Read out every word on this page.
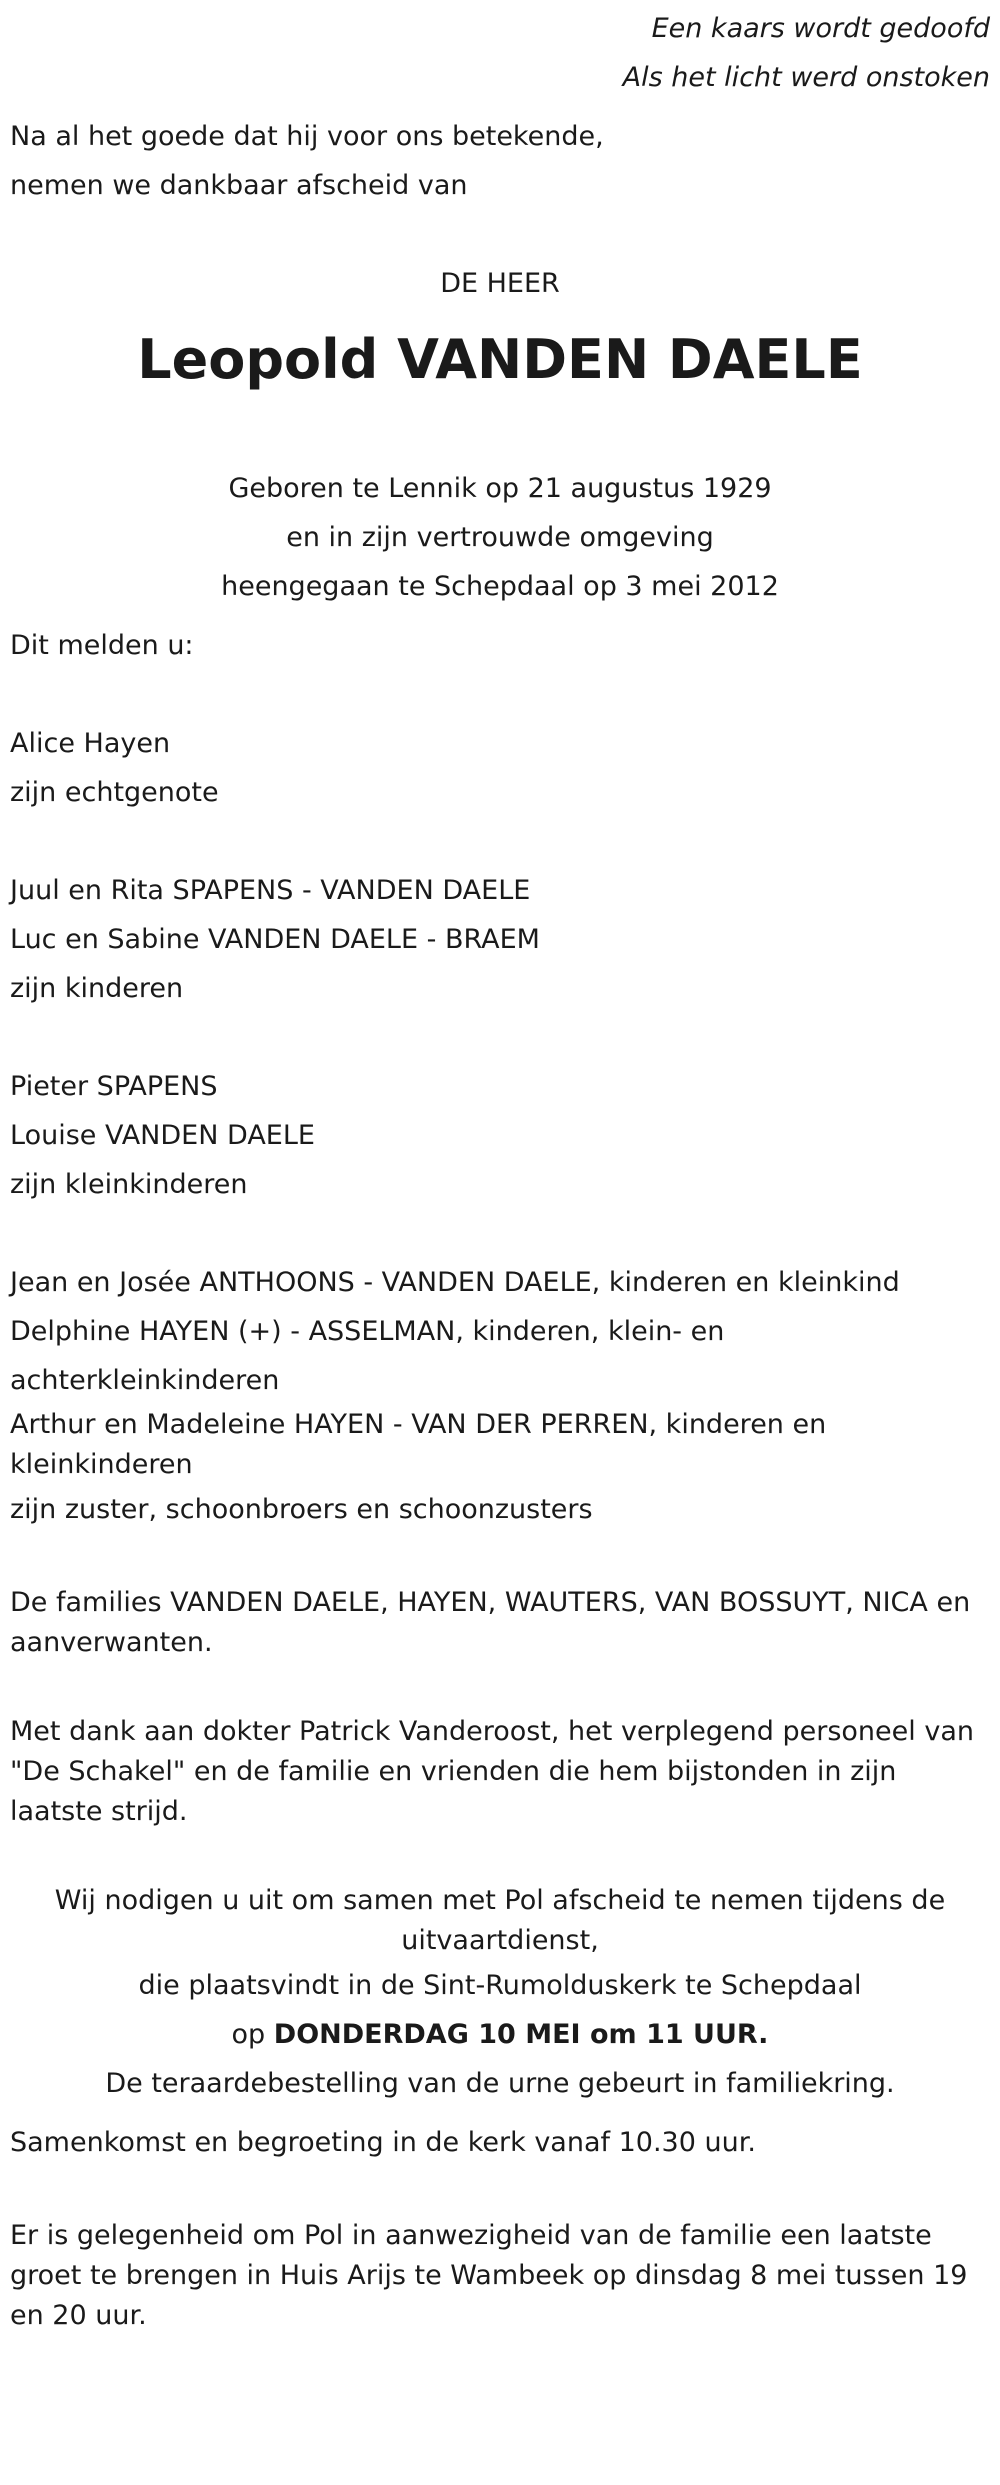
Een kaars wordt gedoofd
Als het licht werd onstoken

Na al het goede dat hij voor ons betekende,

nemen we dankbaar afscheid van

DE HEER
Leopold VANDEN DAELE

Geboren te Lennik op 21 augustus 1929

en in zijn vertrouwde omgeving

heengegaan te Schepdaal op 3 mei 2012

Dit melden u:

Alice Hayen

zijn echtgenote

Juul en Rita SPAPENS - VANDEN DAELE

Luc en Sabine VANDEN DAELE - BRAEM

zijn kinderen

Pieter SPAPENS

Louise VANDEN DAELE

zijn kleinkinderen

Jean en Josée ANTHOONS - VANDEN DAELE, kinderen en kleinkind

Delphine HAYEN (+) - ASSELMAN, kinderen, klein- en achterkleinkinderen

Arthur en Madeleine HAYEN - VAN DER PERREN, kinderen en kleinkinderen

zijn zuster, schoonbroers en schoonzusters

De families VANDEN DAELE, HAYEN, WAUTERS, VAN BOSSUYT, NICA en aanverwanten.

Met dank aan dokter Patrick Vanderoost, het verplegend personeel van "De Schakel" en de familie en vrienden die hem bijstonden in zijn laatste strijd.

Wij nodigen u uit om samen met Pol afscheid te nemen tijdens de uitvaartdienst,

die plaatsvindt in de Sint-Rumolduskerk te Schepdaal

op DONDERDAG 10 MEI om 11 UUR.

De teraardebestelling van de urne gebeurt in familiekring.

Samenkomst en begroeting in de kerk vanaf 10.30 uur.

Er is gelegenheid om Pol in aanwezigheid van de familie een laatste groet te brengen in Huis Arijs te Wambeek op dinsdag 8 mei tussen 19 en 20 uur.
